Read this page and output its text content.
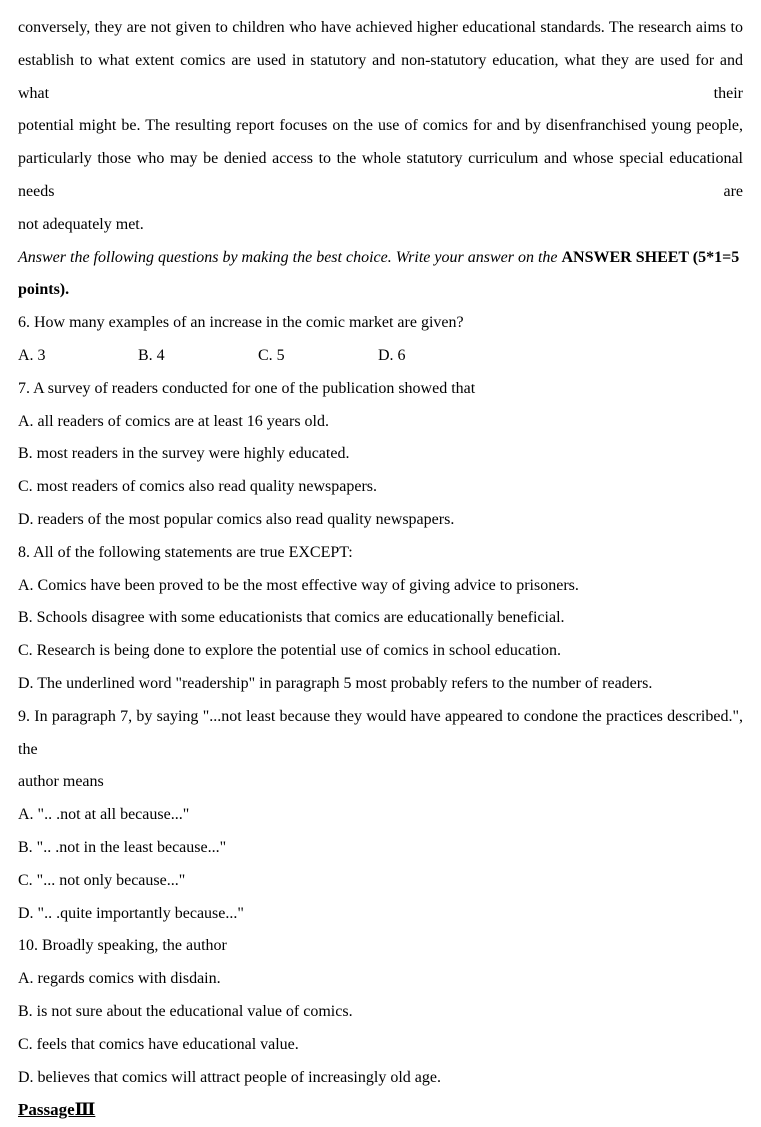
conversely, they are not given to children who have achieved higher educational standards. The research aims to
establish to what extent comics are used in statutory and non-statutory education, what they are used for and what their
potential might be. The resulting report focuses on the use of comics for and by disenfranchised young people,
particularly those who may be denied access to the whole statutory curriculum and whose special educational needs are
not adequately met.
Answer the following questions by making the best choice. Write your answer on the ANSWER SHEET (5*1=5 points).
6. How many examples of an increase in the comic market are given?
A. 3	B. 4	C. 5	D. 6
7. A survey of readers conducted for one of the publication showed that
A. all readers of comics are at least 16 years old.
B. most readers in the survey were highly educated.
C. most readers of comics also read quality newspapers.
D. readers of the most popular comics also read quality newspapers.
8. All of the following statements are true EXCEPT:
A. Comics have been proved to be the most effective way of giving advice to prisoners.
B. Schools disagree with some educationists that comics are educationally beneficial.
C. Research is being done to explore the potential use of comics in school education.
D. The underlined word "readership" in paragraph 5 most probably refers to the number of readers.
9. In paragraph 7, by saying "...not least because they would have appeared to condone the practices described.", the
author means
A. ".. .not at all because..."
B. ".. .not in the least because..."
C. "... not only because..."
D. ".. .quite importantly because..."
10. Broadly speaking, the author
A. regards comics with disdain.
B. is not sure about the educational value of comics.
C. feels that comics have educational value.
D. believes that comics will attract people of increasingly old age.
PassageⅢ
